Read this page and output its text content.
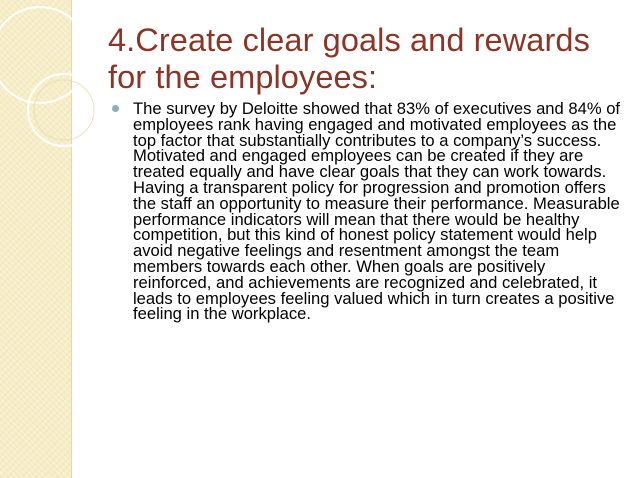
4.Create clear goals and rewards for the employees:
The survey by Deloitte showed that 83% of executives and 84% of employees rank having engaged and motivated employees as the top factor that substantially contributes to a company’s success. Motivated and engaged employees can be created if they are treated equally and have clear goals that they can work towards. Having a transparent policy for progression and promotion offers the staff an opportunity to measure their performance. Measurable performance indicators will mean that there would be healthy competition, but this kind of honest policy statement would help avoid negative feelings and resentment amongst the team members towards each other. When goals are positively reinforced, and achievements are recognized and celebrated, it leads to employees feeling valued which in turn creates a positive feeling in the workplace.
